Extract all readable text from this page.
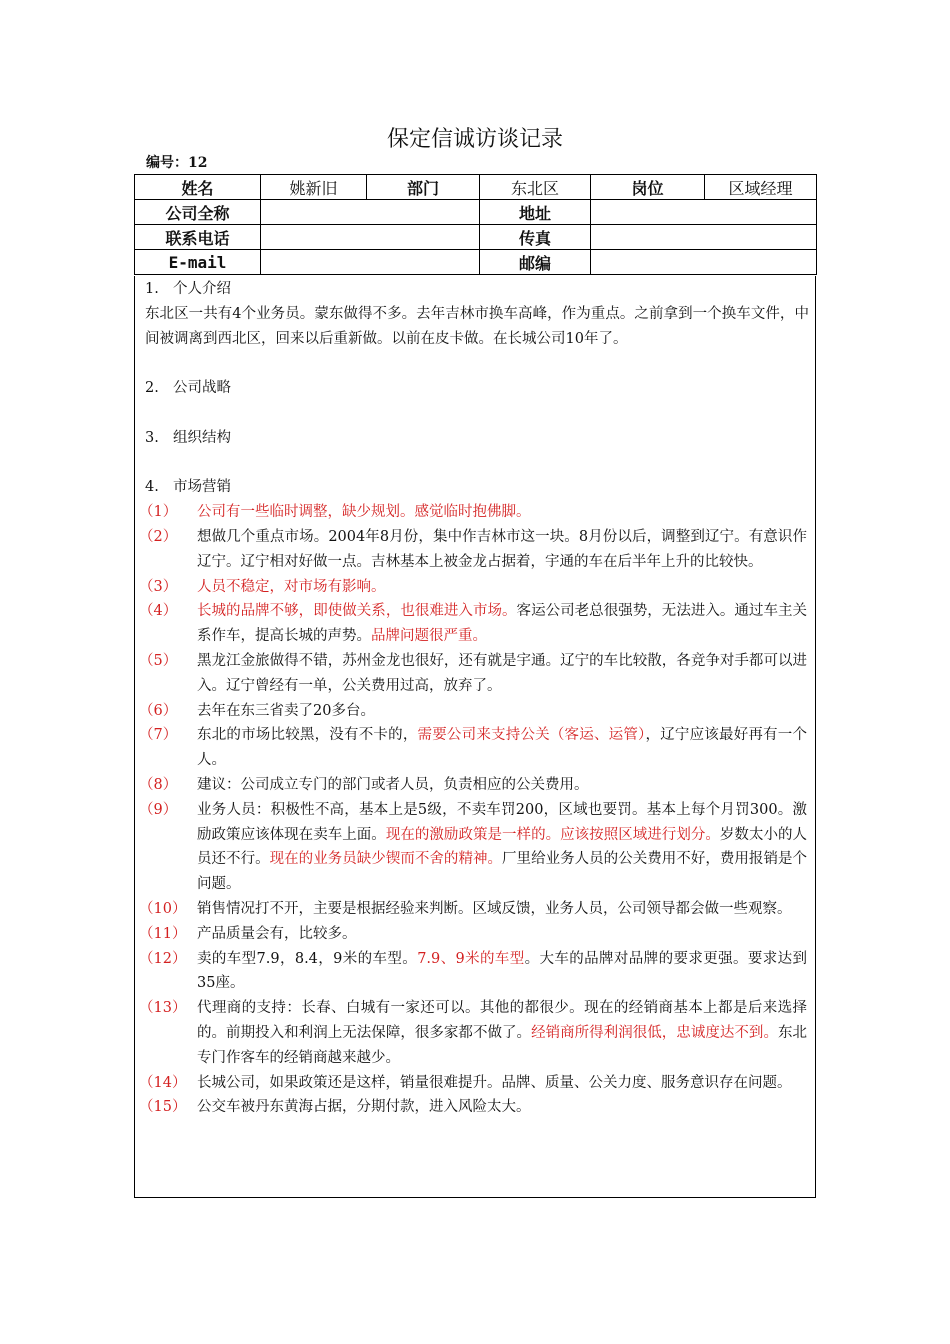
保定信诚访谈记录
编号：12
姓名	姚新旧	部门	东北区	岗位	区域经理
公司全称			地址		
联系电话			传真		
E-mail			邮编		
1. 个人介绍
东北区一共有4个业务员。蒙东做得不多。去年吉林市换车高峰，作为重点。之前拿到一个换车文件，中间被调离到西北区，回来以后重新做。以前在皮卡做。在长城公司10年了。
2. 公司战略
3. 组织结构
4. 市场营销
（1）	公司有一些临时调整，缺少规划。感觉临时抱佛脚。
（2）	想做几个重点市场。2004年8月份，集中作吉林市这一块。8月份以后，调整到辽宁。有意识作辽宁。辽宁相对好做一点。吉林基本上被金龙占据着，宇通的车在后半年上升的比较快。
（3）	人员不稳定，对市场有影响。
（4）	长城的品牌不够，即使做关系，也很难进入市场。客运公司老总很强势，无法进入。通过车主关系作车，提高长城的声势。品牌问题很严重。
（5）	黑龙江金旅做得不错，苏州金龙也很好，还有就是宇通。辽宁的车比较散，各竞争对手都可以进入。辽宁曾经有一单，公关费用过高，放弃了。
（6）	去年在东三省卖了20多台。
（7）	东北的市场比较黑，没有不卡的，需要公司来支持公关（客运、运管），辽宁应该最好再有一个人。
（8）	建议：公司成立专门的部门或者人员，负责相应的公关费用。
（9）	业务人员：积极性不高，基本上是5级，不卖车罚200，区域也要罚。基本上每个月罚300。激励政策应该体现在卖车上面。现在的激励政策是一样的。应该按照区域进行划分。岁数太小的人员还不行。现在的业务员缺少锲而不舍的精神。厂里给业务人员的公关费用不好，费用报销是个问题。
（10） 销售情况打不开，主要是根据经验来判断。区域反馈，业务人员，公司领导都会做一些观察。
（11） 产品质量会有，比较多。
（12） 卖的车型7.9，8.4，9米的车型。7.9、9米的车型。大车的品牌对品牌的要求更强。要求达到35座。
（13） 代理商的支持：长春、白城有一家还可以。其他的都很少。现在的经销商基本上都是后来选择的。前期投入和利润上无法保障，很多家都不做了。经销商所得利润很低，忠诚度达不到。东北专门作客车的经销商越来越少。
（14） 长城公司，如果政策还是这样，销量很难提升。品牌、质量、公关力度、服务意识存在问题。
（15） 公交车被丹东黄海占据，分期付款，进入风险太大。
